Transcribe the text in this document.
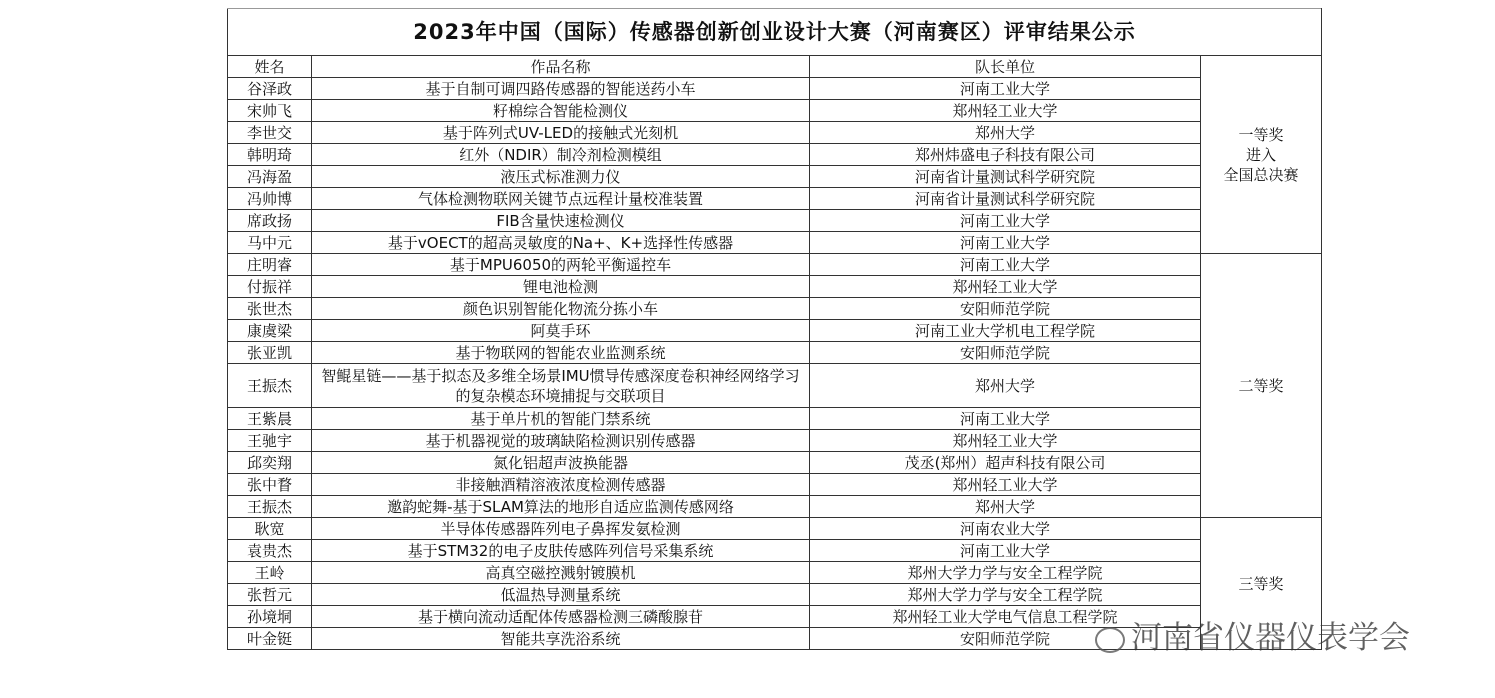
2023年中国（国际）传感器创新创业设计大赛（河南赛区）评审结果公示			
姓名	作品名称	队长单位	一等奖
进入
全国总决赛
谷泽政	基于自制可调四路传感器的智能送药小车	河南工业大学	
宋帅飞	籽棉综合智能检测仪	郑州轻工业大学	
李世交	基于阵列式UV-LED的接触式光刻机	郑州大学	
韩明琦	红外（NDIR）制冷剂检测模组	郑州炜盛电子科技有限公司	
冯海盈	液压式标准测力仪	河南省计量测试科学研究院	
冯帅博	气体检测物联网关键节点远程计量校准装置	河南省计量测试科学研究院	
席政扬	FIB含量快速检测仪	河南工业大学	
马中元	基于vOECT的超高灵敏度的Na+、K+选择性传感器	河南工业大学	
庄明睿	基于MPU6050的两轮平衡遥控车	河南工业大学	二等奖
付振祥	锂电池检测	郑州轻工业大学	
张世杰	颜色识别智能化物流分拣小车	安阳师范学院	
康虞梁	阿莫手环	河南工业大学机电工程学院	
张亚凯	基于物联网的智能农业监测系统	安阳师范学院	
王振杰	智鲲星链——基于拟态及多维全场景IMU惯导传感深度卷积神经网络学习的复杂模态环境捕捉与交联项目	郑州大学	
王紫晨	基于单片机的智能门禁系统	河南工业大学	
王驰宇	基于机器视觉的玻璃缺陷检测识别传感器	郑州轻工业大学	
邱奕翔	氮化铝超声波换能器	茂丞(郑州）超声科技有限公司	
张中瞀	非接触酒精溶液浓度检测传感器	郑州轻工业大学	
王振杰	邀韵蛇舞-基于SLAM算法的地形自适应监测传感网络	郑州大学	
耿宽	半导体传感器阵列电子鼻挥发氨检测	河南农业大学	三等奖
袁贵杰	基于STM32的电子皮肤传感阵列信号采集系统	河南工业大学	
王岭	高真空磁控溅射镀膜机	郑州大学力学与安全工程学院	
张哲元	低温热导测量系统	郑州大学力学与安全工程学院	
孙境垌	基于横向流动适配体传感器检测三磷酸腺苷	郑州轻工业大学电气信息工程学院	
叶金铤	智能共享洗浴系统	安阳师范学院		河南省仪器仪表学会
